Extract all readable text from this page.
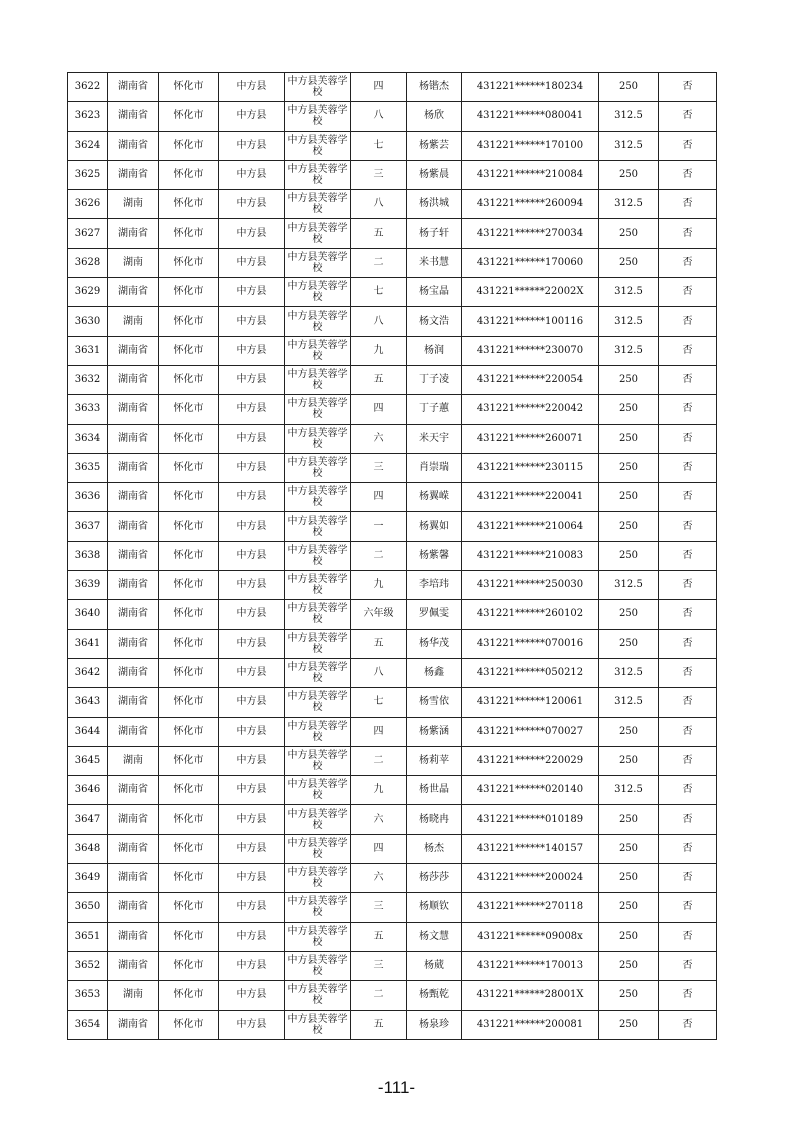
3622	湖南省	怀化市	中方县	中方县芙蓉学校	四	杨锴杰	431221******180234	250	否
3623	湖南省	怀化市	中方县	中方县芙蓉学校	八	杨欣	431221******080041	312.5	否
3624	湖南省	怀化市	中方县	中方县芙蓉学校	七	杨紫芸	431221******170100	312.5	否
3625	湖南省	怀化市	中方县	中方县芙蓉学校	三	杨紫晨	431221******210084	250	否
3626	湖南	怀化市	中方县	中方县芙蓉学校	八	杨洪城	431221******260094	312.5	否
3627	湖南省	怀化市	中方县	中方县芙蓉学校	五	杨子轩	431221******270034	250	否
3628	湖南	怀化市	中方县	中方县芙蓉学校	二	米书慧	431221******170060	250	否
3629	湖南省	怀化市	中方县	中方县芙蓉学校	七	杨宝晶	431221******22002X	312.5	否
3630	湖南	怀化市	中方县	中方县芙蓉学校	八	杨文浩	431221******100116	312.5	否
3631	湖南省	怀化市	中方县	中方县芙蓉学校	九	杨润	431221******230070	312.5	否
3632	湖南省	怀化市	中方县	中方县芙蓉学校	五	丁子凌	431221******220054	250	否
3633	湖南省	怀化市	中方县	中方县芙蓉学校	四	丁子蕙	431221******220042	250	否
3634	湖南省	怀化市	中方县	中方县芙蓉学校	六	米天宇	431221******260071	250	否
3635	湖南省	怀化市	中方县	中方县芙蓉学校	三	肖崇瑞	431221******230115	250	否
3636	湖南省	怀化市	中方县	中方县芙蓉学校	四	杨翼嵘	431221******220041	250	否
3637	湖南省	怀化市	中方县	中方县芙蓉学校	一	杨翼如	431221******210064	250	否
3638	湖南省	怀化市	中方县	中方县芙蓉学校	二	杨紫馨	431221******210083	250	否
3639	湖南省	怀化市	中方县	中方县芙蓉学校	九	李培玮	431221******250030	312.5	否
3640	湖南省	怀化市	中方县	中方县芙蓉学校	六年级	罗佩雯	431221******260102	250	否
3641	湖南省	怀化市	中方县	中方县芙蓉学校	五	杨华茂	431221******070016	250	否
3642	湖南省	怀化市	中方县	中方县芙蓉学校	八	杨鑫	431221******050212	312.5	否
3643	湖南省	怀化市	中方县	中方县芙蓉学校	七	杨雪依	431221******120061	312.5	否
3644	湖南省	怀化市	中方县	中方县芙蓉学校	四	杨紫涵	431221******070027	250	否
3645	湖南	怀化市	中方县	中方县芙蓉学校	二	杨莉苹	431221******220029	250	否
3646	湖南省	怀化市	中方县	中方县芙蓉学校	九	杨世晶	431221******020140	312.5	否
3647	湖南省	怀化市	中方县	中方县芙蓉学校	六	杨晓冉	431221******010189	250	否
3648	湖南省	怀化市	中方县	中方县芙蓉学校	四	杨杰	431221******140157	250	否
3649	湖南省	怀化市	中方县	中方县芙蓉学校	六	杨莎莎	431221******200024	250	否
3650	湖南省	怀化市	中方县	中方县芙蓉学校	三	杨顺钦	431221******270118	250	否
3651	湖南省	怀化市	中方县	中方县芙蓉学校	五	杨文慧	431221******09008x	250	否
3652	湖南省	怀化市	中方县	中方县芙蓉学校	三	杨葳	431221******170013	250	否
3653	湖南	怀化市	中方县	中方县芙蓉学校	二	杨甄乾	431221******28001X	250	否
3654	湖南省	怀化市	中方县	中方县芙蓉学校	五	杨泉珍	431221******200081	250	否
-111-
